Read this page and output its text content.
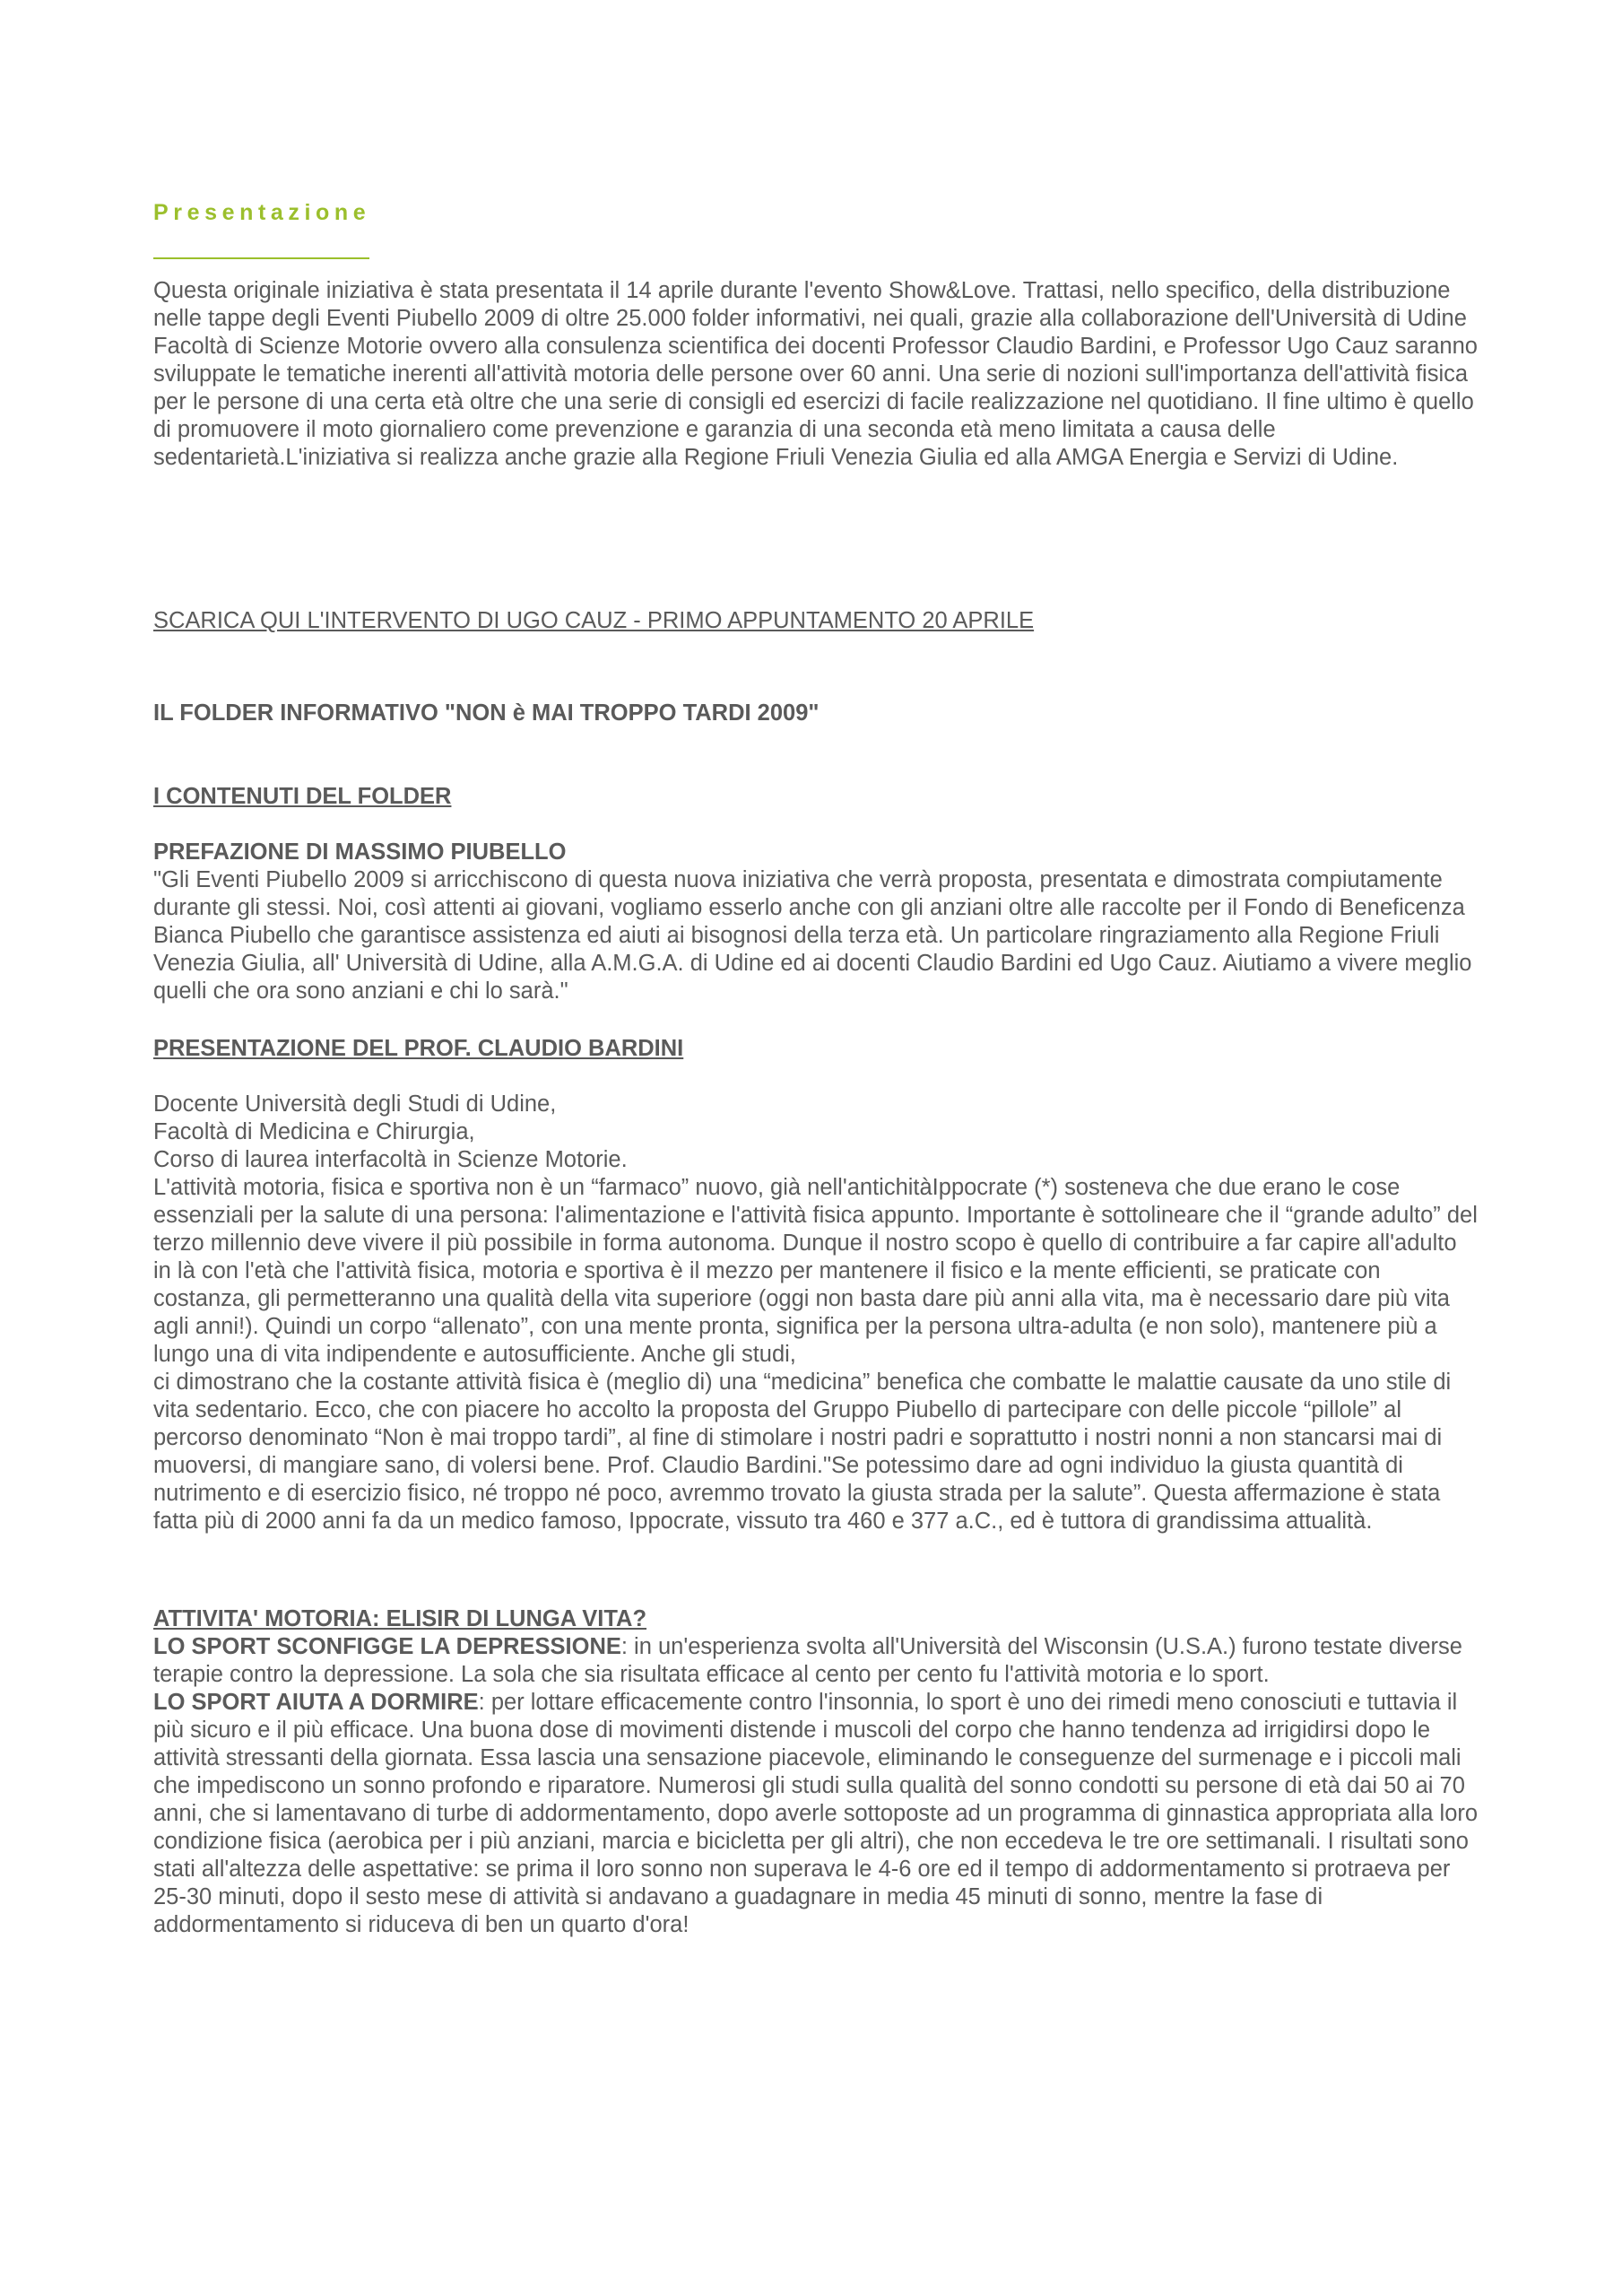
Presentazione

Questa originale iniziativa è stata presentata il 14 aprile durante l'evento Show&Love. Trattasi, nello specifico, della distribuzione nelle tappe degli Eventi Piubello 2009 di oltre 25.000 folder informativi, nei quali, grazie alla collaborazione dell'Università di Udine Facoltà di Scienze Motorie ovvero alla consulenza scientifica dei docenti Professor Claudio Bardini, e Professor Ugo Cauz saranno sviluppate le tematiche inerenti all'attività motoria delle persone over 60 anni. Una serie di nozioni sull'importanza dell'attività fisica per le persone di una certa età oltre che una serie di consigli ed esercizi di facile realizzazione nel quotidiano. Il fine ultimo è quello di promuovere il moto giornaliero come prevenzione e garanzia di una seconda età meno limitata a causa delle sedentarietà.L'iniziativa si realizza anche grazie alla Regione Friuli Venezia Giulia ed alla AMGA Energia e Servizi di Udine.

SCARICA QUI L'INTERVENTO DI UGO CAUZ - PRIMO APPUNTAMENTO 20 APRILE

IL FOLDER INFORMATIVO "NON è MAI TROPPO TARDI 2009"

I CONTENUTI DEL FOLDER

PREFAZIONE DI MASSIMO PIUBELLO

"Gli Eventi Piubello 2009 si arricchiscono di questa nuova iniziativa che verrà proposta, presentata e dimostrata compiutamente durante gli stessi. Noi, così attenti ai giovani, vogliamo esserlo anche con gli anziani oltre alle raccolte per il Fondo di Beneficenza Bianca Piubello che garantisce assistenza ed aiuti ai bisognosi della terza età. Un particolare ringraziamento alla Regione Friuli Venezia Giulia, all' Università di Udine, alla A.M.G.A. di Udine ed ai docenti Claudio Bardini ed Ugo Cauz. Aiutiamo a vivere meglio quelli che ora sono anziani e chi lo sarà."

PRESENTAZIONE DEL PROF. CLAUDIO BARDINI

Docente Università degli Studi di Udine,

Facoltà di Medicina e Chirurgia,

Corso di laurea interfacoltà in Scienze Motorie.

L'attività motoria, fisica e sportiva non è un “farmaco” nuovo, già nell'antichitàIppocrate (*) sosteneva che due erano le cose essenziali per la salute di una persona: l'alimentazione e l'attività fisica appunto. Importante è sottolineare che il “grande adulto” del terzo millennio deve vivere il più possibile in forma autonoma. Dunque il nostro scopo è quello di contribuire a far capire all'adulto in là con l'età che l'attività fisica, motoria e sportiva è il mezzo per mantenere il fisico e la mente efficienti, se praticate con costanza, gli permetteranno una qualità della vita superiore (oggi non basta dare più anni alla vita, ma è necessario dare più vita agli anni!). Quindi un corpo “allenato”, con una mente pronta, significa per la persona ultra-adulta (e non solo), mantenere più a lungo una di vita indipendente e autosufficiente. Anche gli studi,

ci dimostrano che la costante attività fisica è (meglio di) una “medicina” benefica che combatte le malattie causate da uno stile di vita sedentario. Ecco, che con piacere ho accolto la proposta del Gruppo Piubello di partecipare con delle piccole “pillole” al percorso denominato “Non è mai troppo tardi”, al fine di stimolare i nostri padri e soprattutto i nostri nonni a non stancarsi mai di muoversi, di mangiare sano, di volersi bene. Prof. Claudio Bardini."Se potessimo dare ad ogni individuo la giusta quantità di nutrimento e di esercizio fisico, né troppo né poco, avremmo trovato la giusta strada per la salute”. Questa affermazione è stata fatta più di 2000 anni fa da un medico famoso, Ippocrate, vissuto tra 460 e 377 a.C., ed è tuttora di grandissima attualità.

ATTIVITA' MOTORIA: ELISIR DI LUNGA VITA?

LO SPORT SCONFIGGE LA DEPRESSIONE: in un'esperienza svolta all'Università del Wisconsin (U.S.A.) furono testate diverse terapie contro la depressione. La sola che sia risultata efficace al cento per cento fu l'attività motoria e lo sport.

LO SPORT AIUTA A DORMIRE: per lottare efficacemente contro l'insonnia, lo sport è uno dei rimedi meno conosciuti e tuttavia il più sicuro e il più efficace. Una buona dose di movimenti distende i muscoli del corpo che hanno tendenza ad irrigidirsi dopo le attività stressanti della giornata. Essa lascia una sensazione piacevole, eliminando le conseguenze del surmenage e i piccoli mali che impediscono un sonno profondo e riparatore. Numerosi gli studi sulla qualità del sonno condotti su persone di età dai 50 ai 70 anni, che si lamentavano di turbe di addormentamento, dopo averle sottoposte ad un programma di ginnastica appropriata alla loro condizione fisica (aerobica per i più anziani, marcia e bicicletta per gli altri), che non eccedeva le tre ore settimanali. I risultati sono stati all'altezza delle aspettative: se prima il loro sonno non superava le 4-6 ore ed il tempo di addormentamento si protraeva per 25-30 minuti, dopo il sesto mese di attività si andavano a guadagnare in media 45 minuti di sonno, mentre la fase di addormentamento si riduceva di ben un quarto d'ora!
